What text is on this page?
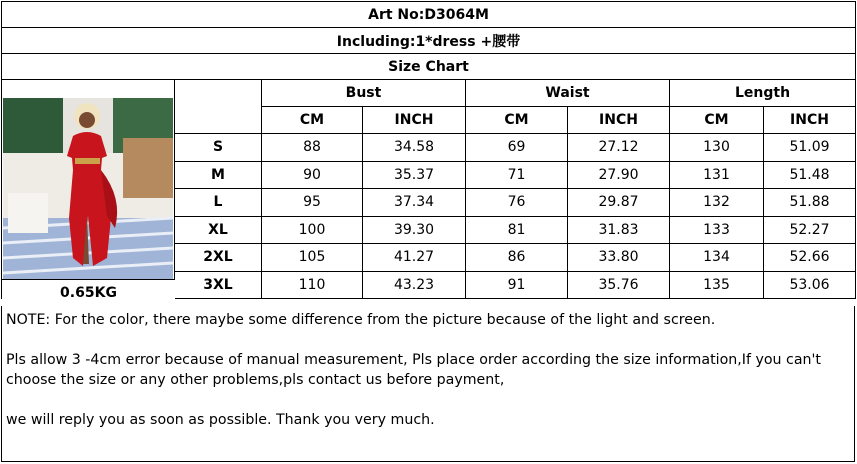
Art No:D3064M							
Including:1*dress +腰带							
Size Chart							

		Bust		Waist		Length	
		CM	INCH	CM	INCH	CM	INCH
	S	88	34.58	69	27.12	130	51.09
	M	90	35.37	71	27.90	131	51.48
	L	95	37.34	76	29.87	132	51.88
	XL	100	39.30	81	31.83	133	52.27
	2XL	105	41.27	86	33.80	134	52.66
	3XL	110	43.23	91	35.76	135	53.06
0.65KG

NOTE: For the color, there maybe some difference from the picture because of the light and screen.

Pls allow 3 -4cm error because of manual measurement, Pls place order according the size information,If you can't choose the size or any other problems,pls contact us before payment,

we will reply you as soon as possible. Thank you very much.
